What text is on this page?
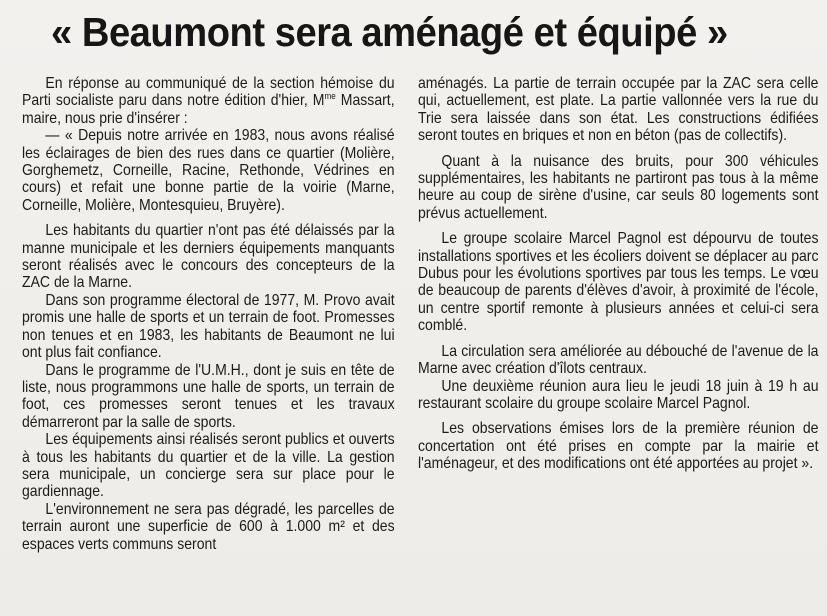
« Beaumont sera aménagé et équipé »

En réponse au communiqué de la section hémoise du Parti socialiste paru dans notre édition d'hier, $M^{me}$ Massart, maire, nous prie d'insérer :

— « Depuis notre arrivée en 1983, nous avons réalisé les éclairages de bien des rues dans ce quartier (Molière, Gorghemetz, Corneille, Racine, Rethonde, Védrines en cours) et refait une bonne partie de la voirie (Marne, Corneille, Molière, Montesquieu, Bruyère).

Les habitants du quartier n'ont pas été délaissés par la manne municipale et les derniers équipements manquants seront réalisés avec le concours des concepteurs de la ZAC de la Marne.

Dans son programme électoral de 1977, M. Provo avait promis une halle de sports et un terrain de foot. Promesses non tenues et en 1983, les habitants de Beaumont ne lui ont plus fait confiance.

Dans le programme de l'U.M.H., dont je suis en tête de liste, nous programmons une halle de sports, un terrain de foot, ces promesses seront tenues et les travaux démarreront par la salle de sports.

Les équipements ainsi réalisés seront publics et ouverts à tous les habitants du quartier et de la ville. La gestion sera municipale, un concierge sera sur place pour le gardiennage.

L'environnement ne sera pas dégradé, les parcelles de terrain auront une superficie de 600 à 1.000 m² et des espaces verts communs seront

aménagés. La partie de terrain occupée par la ZAC sera celle qui, actuellement, est plate. La partie vallonnée vers la rue du Trie sera laissée dans son état. Les constructions édifiées seront toutes en briques et non en béton (pas de collectifs).

Quant à la nuisance des bruits, pour 300 véhicules supplémentaires, les habitants ne partiront pas tous à la même heure au coup de sirène d'usine, car seuls 80 logements sont prévus actuellement.

Le groupe scolaire Marcel Pagnol est dépourvu de toutes installations sportives et les écoliers doivent se déplacer au parc Dubus pour les évolutions sportives par tous les temps. Le vœu de beaucoup de parents d'élèves d'avoir, à proximité de l'école, un centre sportif remonte à plusieurs années et celui-ci sera comblé.

La circulation sera améliorée au débouché de l'avenue de la Marne avec création d'îlots centraux.

Une deuxième réunion aura lieu le jeudi 18 juin à 19 h au restaurant scolaire du groupe scolaire Marcel Pagnol.

Les observations émises lors de la première réunion de concertation ont été prises en compte par la mairie et l'aménageur, et des modifications ont été apportées au projet ».
